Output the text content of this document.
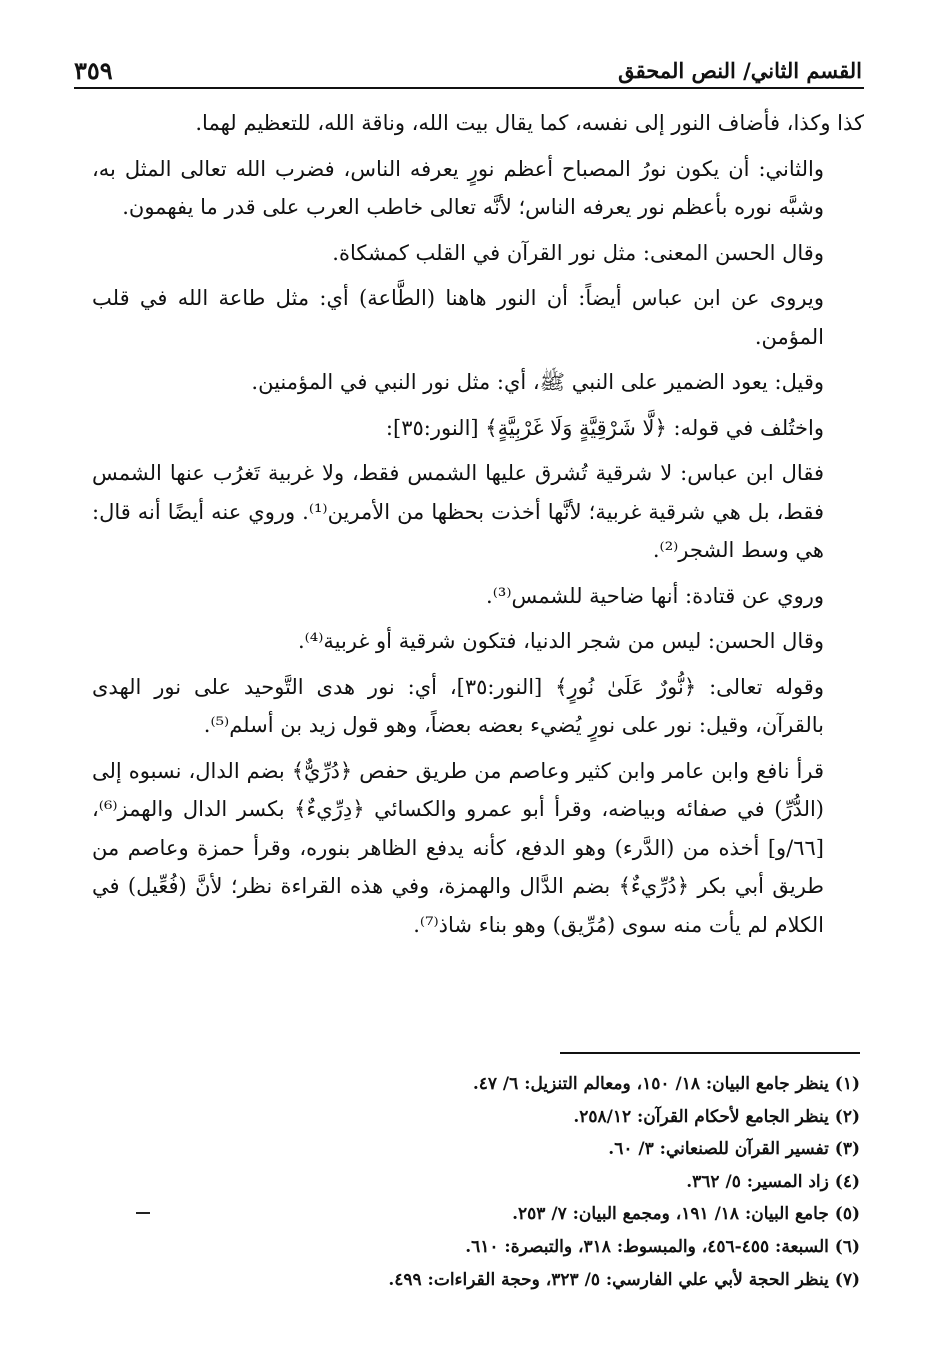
القسم الثاني/ النص المحقق
٣٥٩

كذا وكذا، فأضاف النور إلى نفسه، كما يقال بيت الله، وناقة الله، للتعظيم لهما.

والثاني: أن يكون نورُ المصباح أعظم نورٍ يعرفه الناس، فضرب الله تعالى المثل به، وشبَّه نوره بأعظم نور يعرفه الناس؛ لأنَّه تعالى خاطب العرب على قدر ما يفهمون.

وقال الحسن المعنى: مثل نور القرآن في القلب كمشكاة.

ويروى عن ابن عباس أيضاً: أن النور هاهنا (الطَّاعة) أي: مثل طاعة الله في قلب المؤمن.

وقيل: يعود الضمير على النبي ﷺ، أي: مثل نور النبي في المؤمنين.

واختُلف في قوله: ﴿لَّا شَرْقِيَّةٍ وَلَا غَرْبِيَّةٍ﴾ [النور:٣٥]:

فقال ابن عباس: لا شرقية تُشرق عليها الشمس فقط، ولا غربية تَغرُب عنها الشمس فقط، بل هي شرقية غربية؛ لأنَّها أخذت بحظها من الأمرين⁽¹⁾. وروي عنه أيضًا أنه قال: هي وسط الشجر⁽²⁾.

وروي عن قتادة: أنها ضاحية للشمس⁽³⁾.

وقال الحسن: ليس من شجر الدنيا، فتكون شرقية أو غربية⁽⁴⁾.

وقوله تعالى: ﴿نُّورٌ عَلَىٰ نُورٍ﴾ [النور:٣٥]، أي: نور هدى التَّوحيد على نور الهدى بالقرآن، وقيل: نور على نورٍ يُضيء بعضه بعضاً، وهو قول زيد بن أسلم⁽⁵⁾.

قرأ نافع وابن عامر وابن كثير وعاصم من طريق حفص ﴿دُرِّيٌّ﴾ بضم الدال، نسبوه إلى (الدُّرِّ) في صفائه وبياضه، وقرأ أبو عمرو والكسائي ﴿دِرِّيءٌ﴾ بكسر الدال والهمز⁽⁶⁾، [٦٦/و] أخذه من (الدَّرء) وهو الدفع، كأنه يدفع الظاهر بنوره، وقرأ حمزة وعاصم من طريق أبي بكر ﴿دُرِّيءٌ﴾ بضم الدَّال والهمزة، وفي هذه القراءة نظر؛ لأنَّ (فُعِّيل) في الكلام لم يأت منه سوى (مُرِّيق) وهو بناء شاذ⁽⁷⁾.

(١) ينظر جامع البيان: ١٨/ ١٥٠، ومعالم التنزيل: ٦/ ٤٧.
(٢) ينظر الجامع لأحكام القرآن: ٢٥٨/١٢.
(٣) تفسير القرآن للصنعاني: ٣/ ٦٠.
(٤) زاد المسير: ٥/ ٣٦٢.
(٥) جامع البيان: ١٨/ ١٩١، ومجمع البيان: ٧/ ٢٥٣.
(٦) السبعة: ٤٥٥-٤٥٦، والمبسوط: ٣١٨، والتبصرة: ٦١٠.
(٧) ينظر الحجة لأبي علي الفارسي: ٥/ ٣٢٣، وحجة القراءات: ٤٩٩.
